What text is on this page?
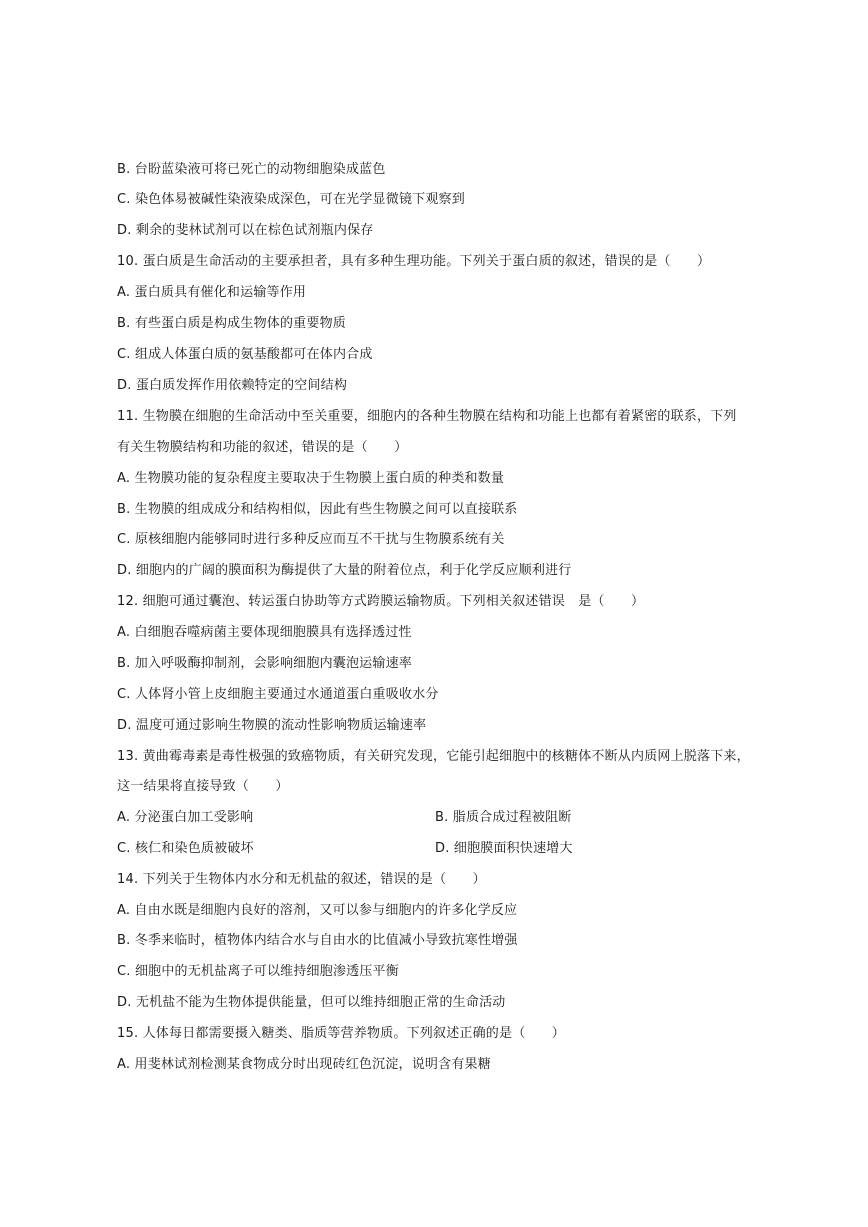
B. 台盼蓝染液可将已死亡的动物细胞染成蓝色
C. 染色体易被碱性染液染成深色，可在光学显微镜下观察到
D. 剩余的斐林试剂可以在棕色试剂瓶内保存
10. 蛋白质是生命活动的主要承担者，具有多种生理功能。下列关于蛋白质的叙述，错误的是（　　）
A. 蛋白质具有催化和运输等作用
B. 有些蛋白质是构成生物体的重要物质
C. 组成人体蛋白质的氨基酸都可在体内合成
D. 蛋白质发挥作用依赖特定的空间结构
11. 生物膜在细胞的生命活动中至关重要，细胞内的各种生物膜在结构和功能上也都有着紧密的联系，下列
有关生物膜结构和功能的叙述，错误的是（　　）
A. 生物膜功能的复杂程度主要取决于生物膜上蛋白质的种类和数量
B. 生物膜的组成成分和结构相似，因此有些生物膜之间可以直接联系
C. 原核细胞内能够同时进行多种反应而互不干扰与生物膜系统有关
D. 细胞内的广阔的膜面积为酶提供了大量的附着位点，利于化学反应顺利进行
12. 细胞可通过囊泡、转运蛋白协助等方式跨膜运输物质。下列相关叙述错误　是（　　）
A. 白细胞吞噬病菌主要体现细胞膜具有选择透过性
B. 加入呼吸酶抑制剂，会影响细胞内囊泡运输速率
C. 人体肾小管上皮细胞主要通过水通道蛋白重吸收水分
D. 温度可通过影响生物膜的流动性影响物质运输速率
13. 黄曲霉毒素是毒性极强的致癌物质，有关研究发现，它能引起细胞中的核糖体不断从内质网上脱落下来，
这一结果将直接导致（　　）
A. 分泌蛋白加工受影响	B. 脂质合成过程被阻断
C. 核仁和染色质被破坏	D. 细胞膜面积快速增大
14. 下列关于生物体内水分和无机盐的叙述，错误的是（　　）
A. 自由水既是细胞内良好的溶剂，又可以参与细胞内的许多化学反应
B. 冬季来临时，植物体内结合水与自由水的比值减小导致抗寒性增强
C. 细胞中的无机盐离子可以维持细胞渗透压平衡
D. 无机盐不能为生物体提供能量，但可以维持细胞正常的生命活动
15. 人体每日都需要摄入糖类、脂质等营养物质。下列叙述正确的是（　　）
A. 用斐林试剂检测某食物成分时出现砖红色沉淀，说明含有果糖
